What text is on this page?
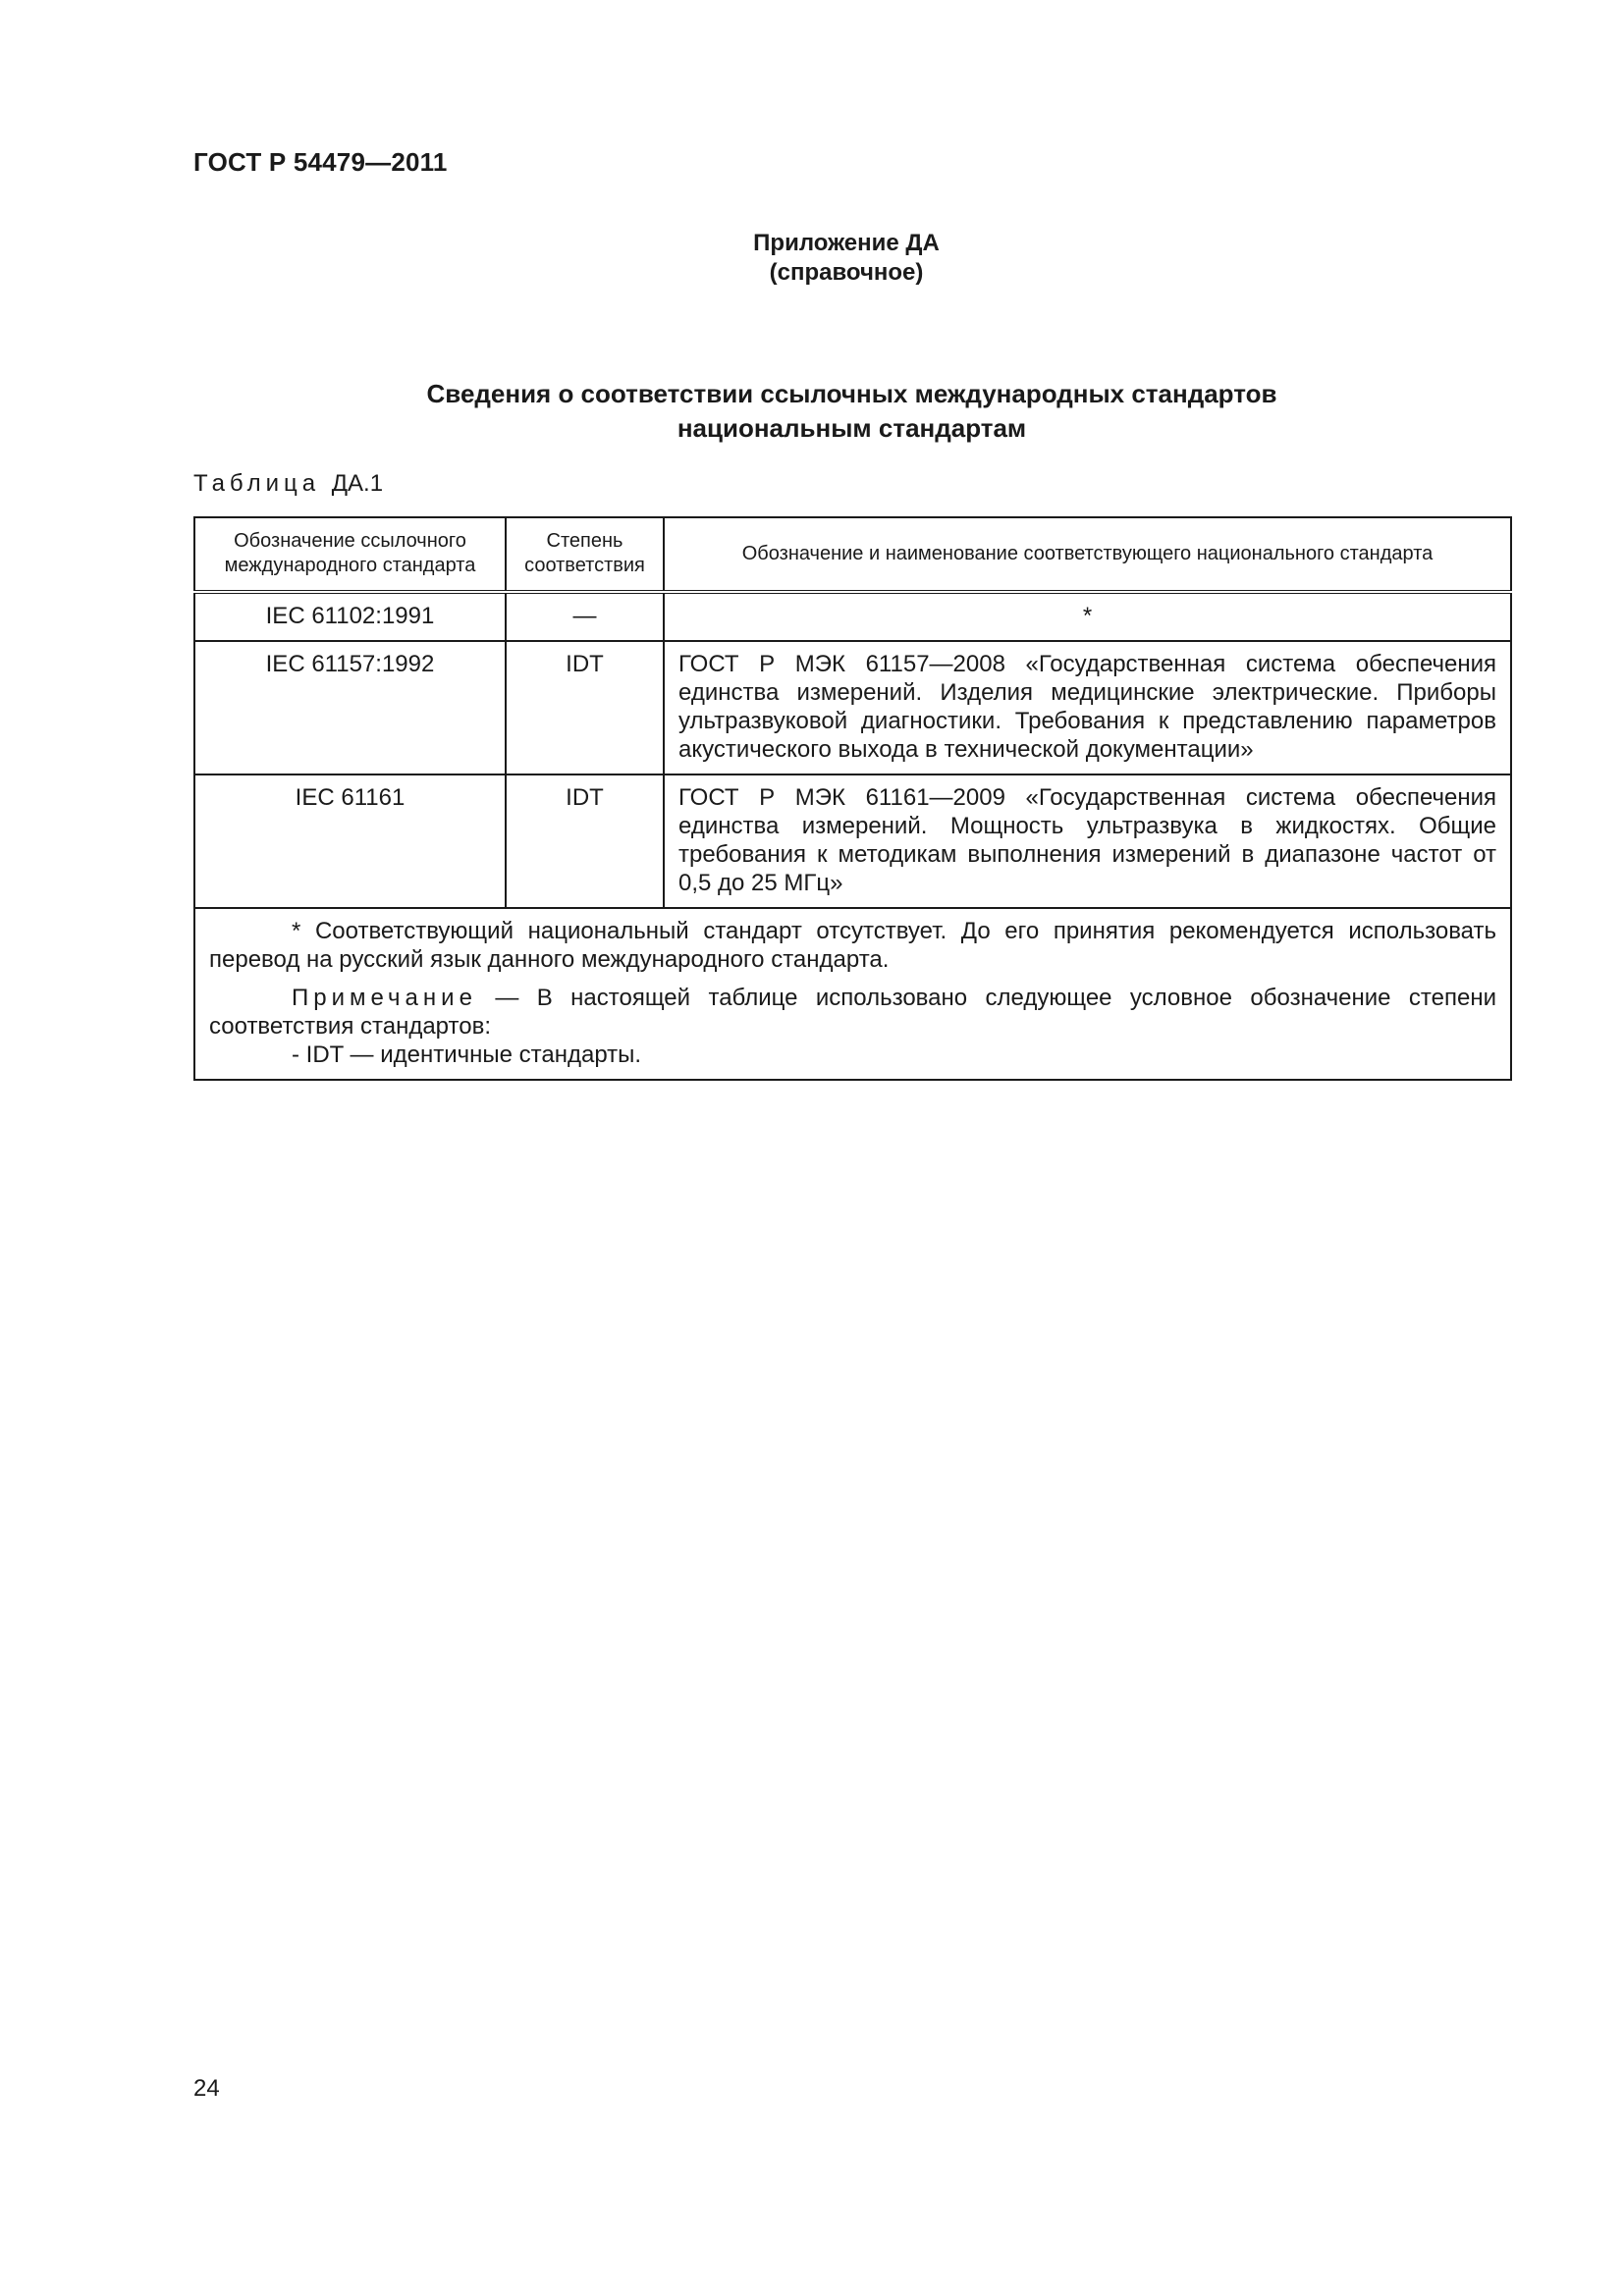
ГОСТ Р 54479—2011
Приложение ДА
(справочное)
Сведения о соответствии ссылочных международных стандартов
национальным стандартам
Таблица ДА.1
Обозначение ссылочного международного стандарта	Степень соответствия	Обозначение и наименование соответствующего национального стандарта
IEC 61102:1991	—	*
IEC 61157:1992	IDT	ГОСТ Р МЭК 61157—2008 «Государственная система обеспечения единства измерений. Изделия медицинские электрические. Приборы ультразвуковой диагностики. Требования к представлению параметров акустического выхода в технической документации»
IEC 61161	IDT	ГОСТ Р МЭК 61161—2009 «Государственная система обеспечения единства измерений. Мощность ультразвука в жидкостях. Общие требования к методикам выполнения измерений в диапазоне частот от 0,5 до 25 МГц»

* Соответствующий национальный стандарт отсутствует. До его принятия рекомендуется использовать перевод на русский язык данного международного стандарта.

Примечание — В настоящей таблице использовано следующее условное обозначение степени соответствия стандартов:

- IDT — идентичные стандарты.		

24
